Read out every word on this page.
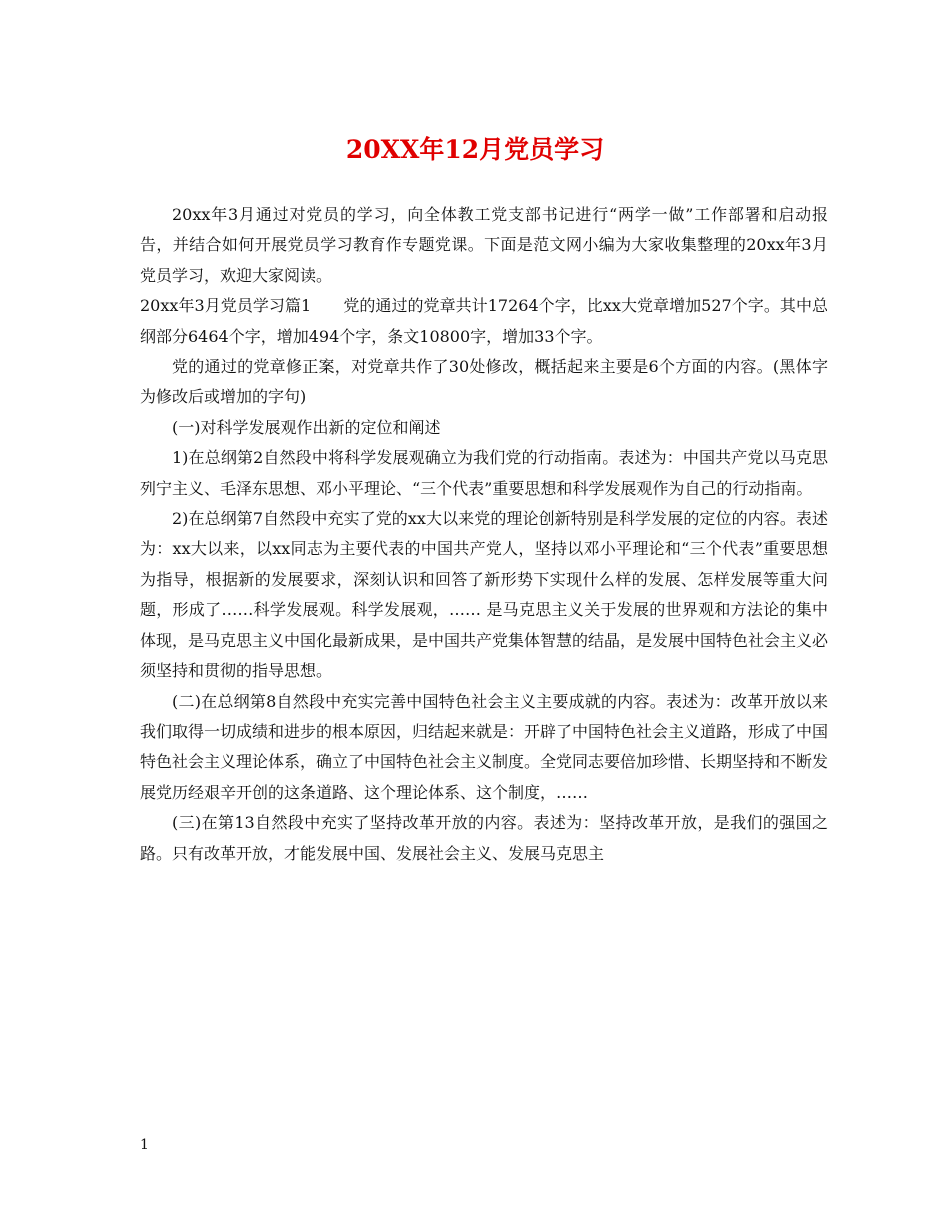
20XX年12月党员学习

20xx年3月通过对党员的学习，向全体教工党支部书记进行“两学一做”工作部署和启动报告，并结合如何开展党员学习教育作专题党课。下面是范文网小编为大家收集整理的20xx年3月党员学习，欢迎大家阅读。

20xx年3月党员学习篇1　　党的通过的党章共计17264个字，比xx大党章增加527个字。其中总纲部分6464个字，增加494个字，条文10800字，增加33个字。

党的通过的党章修正案，对党章共作了30处修改，概括起来主要是6个方面的内容。(黑体字为修改后或增加的字句)

(一)对科学发展观作出新的定位和阐述

1)在总纲第2自然段中将科学发展观确立为我们党的行动指南。表述为：中国共产党以马克思列宁主义、毛泽东思想、邓小平理论、“三个代表”重要思想和科学发展观作为自己的行动指南。

2)在总纲第7自然段中充实了党的xx大以来党的理论创新特别是科学发展的定位的内容。表述为：xx大以来，以xx同志为主要代表的中国共产党人，坚持以邓小平理论和“三个代表”重要思想为指导，根据新的发展要求，深刻认识和回答了新形势下实现什么样的发展、怎样发展等重大问题，形成了……科学发展观。科学发展观，…… 是马克思主义关于发展的世界观和方法论的集中体现，是马克思主义中国化最新成果，是中国共产党集体智慧的结晶，是发展中国特色社会主义必须坚持和贯彻的指导思想。

(二)在总纲第8自然段中充实完善中国特色社会主义主要成就的内容。表述为：改革开放以来我们取得一切成绩和进步的根本原因，归结起来就是：开辟了中国特色社会主义道路，形成了中国特色社会主义理论体系，确立了中国特色社会主义制度。全党同志要倍加珍惜、长期坚持和不断发展党历经艰辛开创的这条道路、这个理论体系、这个制度，……

(三)在第13自然段中充实了坚持改革开放的内容。表述为：坚持改革开放，是我们的强国之路。只有改革开放，才能发展中国、发展社会主义、发展马克思主

1
